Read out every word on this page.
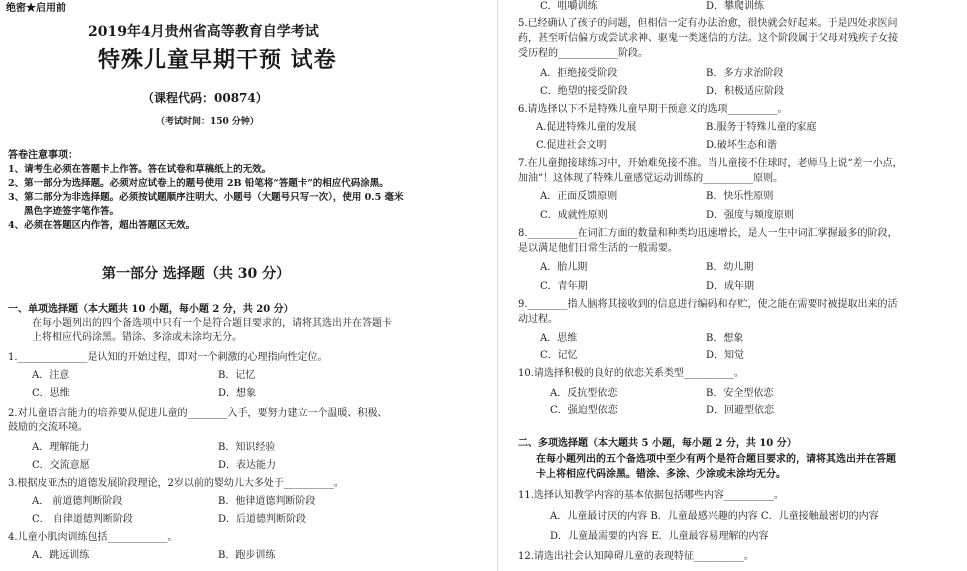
绝密★启用前
2019年4月贵州省高等教育自学考试
特殊儿童早期干预 试卷
（课程代码：00874）
（考试时间：150 分钟）
答卷注意事项：
1、请考生必须在答题卡上作答。答在试卷和草稿纸上的无效。
2、第一部分为选择题。必须对应试卷上的题号使用 2B 铅笔将“答题卡”的相应代码涂黑。
3、第二部分为非选择题。必须按试题顺序注明大、小题号（大题号只写一次），使用 0.5 毫米
黑色字迹签字笔作答。
4、必须在答题区内作答，超出答题区无效。
第一部分 选择题（共 30 分）
一、单项选择题（本大题共 10 小题，每小题 2 分，共 20 分）
在每小题列出的四个备选项中只有一个是符合题目要求的，请将其选出并在答题卡
上将相应代码涂黑。错涂、多涂或未涂均无分。
1.______________是认知的开始过程，即对一个刺激的心理指向性定位。
A．注意	B．记忆
C．思维	D．想象
2.对儿童语言能力的培养要从促进儿童的________入手，要努力建立一个温暖、积极、
鼓励的交流环境。
A．理解能力	B．知识经验
C．交流意愿	D．表达能力
3.根据皮亚杰的道德发展阶段理论，2岁以前的婴幼儿大多处于__________。
A． 前道德判断阶段	B．他律道德判断阶段
C． 自律道德判断阶段	D．后道德判断阶段
4.儿童小肌肉训练包括____________。
A．跳远训练	B．跑步训练
C．咀嚼训练	D．攀爬训练
5.已经确认了孩子的问题，但相信一定有办法治愈，很快就会好起来。于是四处求医问
药，甚至听信偏方或尝试求神、驱鬼一类迷信的方法。这个阶段属于父母对残疾子女接
受历程的____________阶段。
A．拒绝接受阶段	B．多方求治阶段
C．绝望的接受阶段	D．积极适应阶段
6.请选择以下不是特殊儿童早期干预意义的选项__________。
A.促进特殊儿童的发展	B.服务于特殊儿童的家庭
C.促进社会文明	D.破坏生态和谐
7.在儿童抛接球练习中，开始难免接不准。当儿童接不住球时，老师马上说“差一小点，
加油”！这体现了特殊儿童感觉运动训练的__________原则。
A．正面反馈原则	B．快乐性原则
C．成就性原则	D．强度与频度原则
8.__________在词汇方面的数量和种类均迅速增长，是人一生中词汇掌握最多的阶段，
是以满足他们日常生活的一般需要。
A．胎儿期	B．幼儿期
C．青年期	D．成年期
9.________指人脑将其接收到的信息进行编码和存贮，使之能在需要时被提取出来的活
动过程。
A．思维	B．想象
C．记忆	D．知觉
10.请选择积极的良好的依恋关系类型__________。
A．反抗型依恋	B．安全型依恋
C．强迫型依恋	D．回避型依恋
二、多项选择题（本大题共 5 小题，每小题 2 分，共 10 分）
在每小题列出的五个备选项中至少有两个是符合题目要求的，请将其选出并在答题
卡上将相应代码涂黑。错涂、多涂、少涂或未涂均无分。
11.选择认知教学内容的基本依据包括哪些内容__________。
A．儿童最讨厌的内容 B．儿童最感兴趣的内容 C．儿童接触最密切的内容
D．儿童最需要的内容 E．儿童最容易理解的内容
12.请选出社会认知障碍儿童的表现特征__________。
